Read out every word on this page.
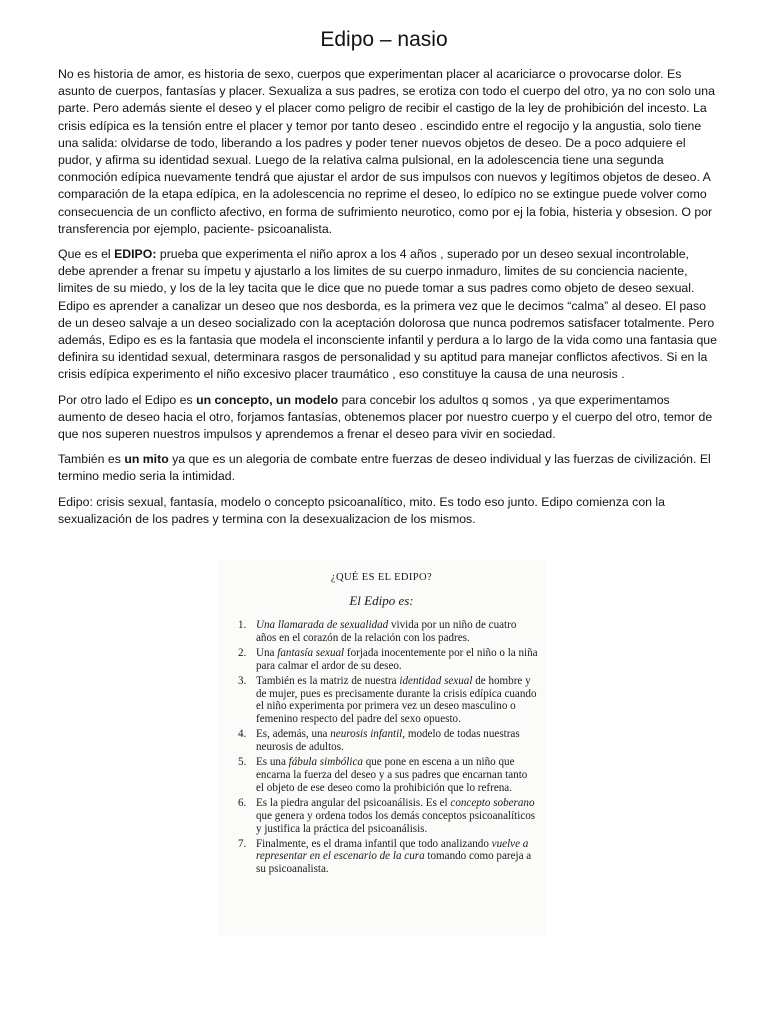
Edipo – nasio

No es historia de amor, es historia de sexo, cuerpos que experimentan placer al acariciarce o provocarse dolor. Es asunto de cuerpos, fantasías y placer. Sexualiza a sus padres, se erotiza con todo el cuerpo del otro, ya no con solo una parte. Pero además siente el deseo y el placer como peligro de recibir el castigo de la ley de prohibición del incesto. La crisis edípica es la tensión entre el placer y temor por tanto deseo . escindido entre el regocijo y la angustia, solo tiene una salida: olvidarse de todo, liberando a los padres y poder tener nuevos objetos de deseo. De a poco adquiere el pudor, y afirma su identidad sexual. Luego de la relativa calma pulsional, en la adolescencia tiene una segunda conmoción edípica nuevamente tendrá que ajustar el ardor de sus impulsos con nuevos y legítimos objetos de deseo. A comparación de la etapa edípica, en la adolescencia no reprime el deseo, lo edípico no se extingue puede volver como consecuencia de un conflicto afectivo, en forma de sufrimiento neurotico, como por ej la fobia, histeria y obsesion. O por transferencia por ejemplo, paciente- psicoanalista.

Que es el EDIPO: prueba que experimenta el niño aprox a los 4 años , superado por un deseo sexual incontrolable, debe aprender a frenar su ímpetu y ajustarlo a los limites de su cuerpo inmaduro, limites de su conciencia naciente, limites de su miedo, y los de la ley tacita que le dice que no puede tomar a sus padres como objeto de deseo sexual. Edipo es aprender a canalizar un deseo que nos desborda, es la primera vez que le decimos “calma” al deseo. El paso de un deseo salvaje a un deseo socializado con la aceptación dolorosa que nunca podremos satisfacer totalmente. Pero además, Edipo es es la fantasia que modela el inconsciente infantil y perdura a lo largo de la vida como una fantasia que definira su identidad sexual, determinara rasgos de personalidad y su aptitud para manejar conflictos afectivos. Si en la crisis edípica experimento el niño excesivo placer traumático , eso constituye la causa de una neurosis .

Por otro lado el Edipo es un concepto, un modelo para concebir los adultos q somos , ya que experimentamos aumento de deseo hacia el otro, forjamos fantasías, obtenemos placer por nuestro cuerpo y el cuerpo del otro, temor de que nos superen nuestros impulsos y aprendemos a frenar el deseo para vivir en sociedad.

También es un mito ya que es un alegoria de combate entre fuerzas de deseo individual y las fuerzas de civilización. El termino medio seria la intimidad.

Edipo: crisis sexual, fantasía, modelo o concepto psicoanalítico, mito. Es todo eso junto. Edipo comienza con la sexualización de los padres y termina con la desexualizacion de los mismos.

¿QUÉ ES EL EDIPO?
El Edipo es:
1. Una llamarada de sexualidad vivida por un niño de cuatro años en el corazón de la relación con los padres.
2. Una fantasía sexual forjada inocentemente por el niño o la niña para calmar el ardor de su deseo.
3. También es la matriz de nuestra identidad sexual de hombre y de mujer, pues es precisamente durante la crisis edípica cuando el niño experimenta por primera vez un deseo masculino o femenino respecto del padre del sexo opuesto.
4. Es, además, una neurosis infantil, modelo de todas nuestras neurosis de adultos.
5. Es una fábula simbólica que pone en escena a un niño que encarna la fuerza del deseo y a sus padres que encarnan tanto el objeto de ese deseo como la prohibición que lo refrena.
6. Es la piedra angular del psicoanálisis. Es el concepto soberano que genera y ordena todos los demás conceptos psicoanalíticos y justifica la práctica del psicoanálisis.
7. Finalmente, es el drama infantil que todo analizando vuelve a representar en el escenario de la cura tomando como pareja a su psicoanalista.
